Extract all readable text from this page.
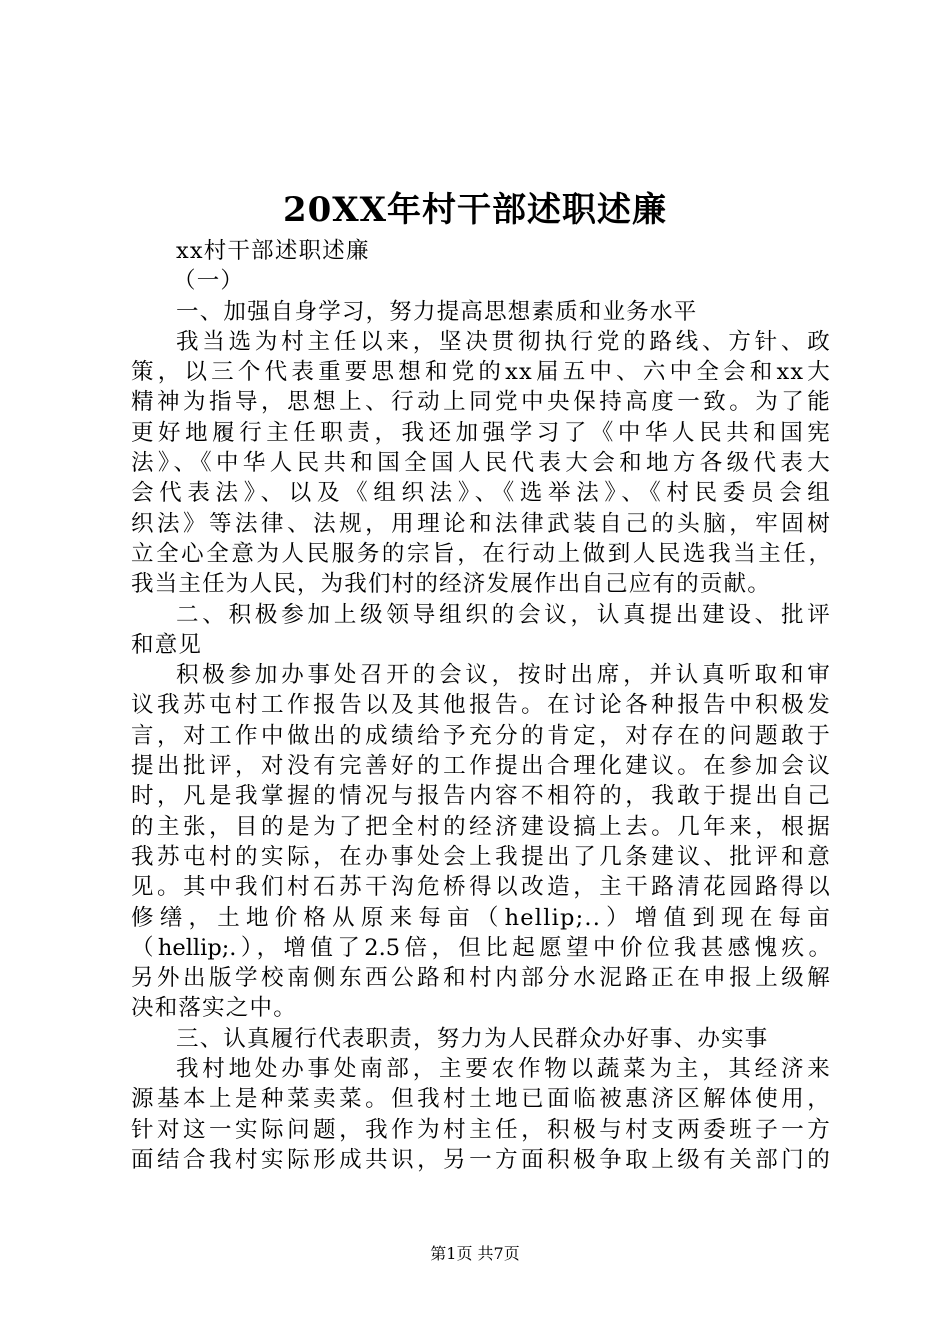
20XX年村干部述职述廉
xx村干部述职述廉
（一）
一、加强自身学习，努力提高思想素质和业务水平
我当选为村主任以来，坚决贯彻执行党的路线、方针、政
策，以三个代表重要思想和党的xx届五中、六中全会和xx大
精神为指导，思想上、行动上同党中央保持高度一致。为了能
更好地履行主任职责，我还加强学习了《中华人民共和国宪
法》、《中华人民共和国全国人民代表大会和地方各级代表大
会代表法》、以及《组织法》、《选举法》、《村民委员会组
织法》等法律、法规，用理论和法律武装自己的头脑，牢固树
立全心全意为人民服务的宗旨，在行动上做到人民选我当主任，
我当主任为人民，为我们村的经济发展作出自己应有的贡献。
二、积极参加上级领导组织的会议，认真提出建设、批评
和意见
积极参加办事处召开的会议，按时出席，并认真听取和审
议我苏屯村工作报告以及其他报告。在讨论各种报告中积极发
言，对工作中做出的成绩给予充分的肯定，对存在的问题敢于
提出批评，对没有完善好的工作提出合理化建议。在参加会议
时，凡是我掌握的情况与报告内容不相符的，我敢于提出自己
的主张，目的是为了把全村的经济建设搞上去。几年来，根据
我苏屯村的实际，在办事处会上我提出了几条建议、批评和意
见。其中我们村石苏干沟危桥得以改造，主干路清花园路得以
修缮，土地价格从原来每亩（hellip;..）增值到现在每亩
（hellip;.），增值了2.5倍，但比起愿望中价位我甚感愧疚。
另外出版学校南侧东西公路和村内部分水泥路正在申报上级解
决和落实之中。
三、认真履行代表职责，努力为人民群众办好事、办实事
我村地处办事处南部，主要农作物以蔬菜为主，其经济来
源基本上是种菜卖菜。但我村土地已面临被惠济区解体使用，
针对这一实际问题，我作为村主任，积极与村支两委班子一方
面结合我村实际形成共识，另一方面积极争取上级有关部门的
第1页 共7页
